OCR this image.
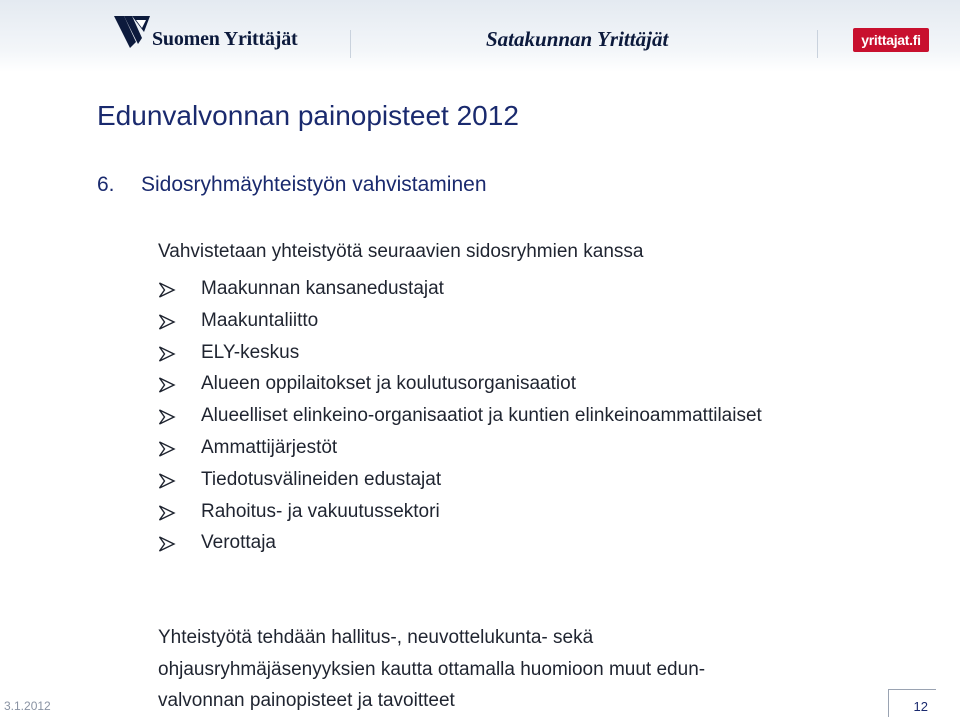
Suomen Yrittäjät	Satakunnan Yrittäjät	yrittajat.fi
Edunvalvonnan painopisteet 2012
6. Sidosryhmäyhteistyön vahvistaminen
Vahvistetaan yhteistyötä seuraavien sidosryhmien kanssa
Maakunnan kansanedustajat
Maakuntaliitto
ELY-keskus
Alueen oppilaitokset ja koulutusorganisaatiot
Alueelliset elinkeino-organisaatiot ja kuntien elinkeinoammattilaiset
Ammattijärjestöt
Tiedotusvälineiden edustajat
Rahoitus- ja vakuutussektori
Verottaja

Yhteistyötä tehdään hallitus-, neuvottelukunta- sekä
ohjausryhmäjäsenyyksien kautta ottamalla huomioon muut edun-
valvonnan painopisteet ja tavoitteet

3.1.2012	12
